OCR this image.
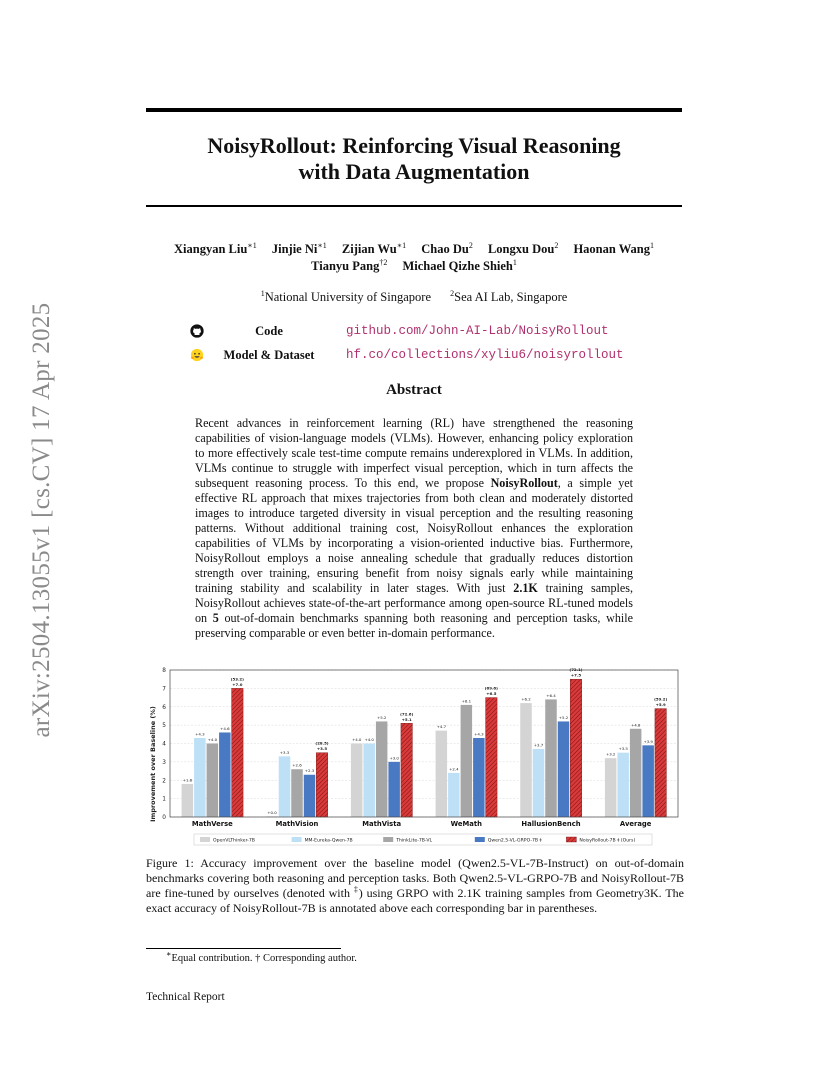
arXiv:2504.13055v1 [cs.CV] 17 Apr 2025
NoisyRollout: Reinforcing Visual Reasoning
with Data Augmentation
Xiangyan Liu$^{∗1}$ Jinjie $Ni^{∗1}$ Zijian $Wu^{∗1}$ Chao Du$^2$ Longxu Dou$^2$ Haonan Wang$^1$
Tianyu Pang$^{\dagger 2}$ Michael Qizhe Shieh$^1$
$^1$National University of Singapore $^2$Sea AI Lab, Singapore
Code	github.com/John-AI-Lab/NoisyRollout
Model & Dataset	hf.co/collections/xyliu6/noisyrollout
Abstract
Recent advances in reinforcement learning (RL) have strengthened the reasoning capabilities of vision-language models (VLMs). However, enhancing policy exploration to more effectively scale test-time compute remains underexplored in VLMs. In addition, VLMs continue to struggle with imperfect visual perception, which in turn affects the subsequent reasoning process. To this end, we propose NoisyRollout, a simple yet effective RL approach that mixes trajectories from both clean and moderately distorted images to introduce targeted diversity in visual perception and the resulting reasoning patterns. Without additional training cost, NoisyRollout enhances the exploration capabilities of VLMs by incorporating a vision-oriented inductive bias. Furthermore, NoisyRollout employs a noise annealing schedule that gradually reduces distortion strength over training, ensuring benefit from noisy signals early while maintaining training stability and scalability in later stages. With just 2.1K training samples, NoisyRollout achieves state-of-the-art performance among open-source RL-tuned models on 5 out-of-domain benchmarks spanning both reasoning and perception tasks, while preserving comparable or even better in-domain performance.
0
1
2
3
4
5
6
7
8
MathVerse	MathVision	MathVista	WeMath	HallusionBench	Average
+1.8
+4.3
+4.0
+4.6
+7.0
(53.2)
+0.0
+3.3
+2.6
+2.3
+3.5
(28.5)
+4.0 +4.0
+5.2
+3.0
+5.1
(72.6)
+4.7
+2.4
+6.1
+4.3
+6.5
(69.6)
+6.2
+3.7
+6.4
+5.2
+7.5
(72.1)
+3.2
+3.5
+4.8
+3.9
+5.9
(59.2)
Improvement over Baseline (%)
OpenVLThinker-7B	MM-Eureka-Qwen-7B	ThinkLite-7B-VL	Qwen2.5-VL-GRPO-7B ‡	NoisyRollout-7B ‡ (Ours)
Figure 1: Accuracy improvement over the baseline model (Qwen2.5-VL-7B-Instruct) on out-of-domain benchmarks covering both reasoning and perception tasks. Both Qwen2.5-VL-GRPO-7B and NoisyRollout-7B are fine-tuned by ourselves (denoted with ‡) using GRPO with 2.1K training samples from Geometry3K. The exact accuracy of NoisyRollout-7B is annotated above each corresponding bar in parentheses.
∗Equal contribution. † Corresponding author.
Technical Report
